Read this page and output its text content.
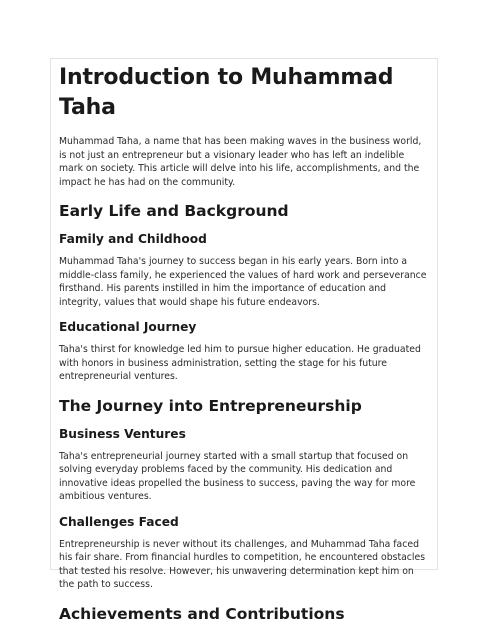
Introduction to Muhammad Taha

Muhammad Taha, a name that has been making waves in the business world, is not just an entrepreneur but a visionary leader who has left an indelible mark on society. This article will delve into his life, accomplishments, and the impact he has had on the community.

Early Life and Background
Family and Childhood

Muhammad Taha's journey to success began in his early years. Born into a middle-class family, he experienced the values of hard work and perseverance firsthand. His parents instilled in him the importance of education and integrity, values that would shape his future endeavors.

Educational Journey

Taha's thirst for knowledge led him to pursue higher education. He graduated with honors in business administration, setting the stage for his future entrepreneurial ventures.

The Journey into Entrepreneurship
Business Ventures

Taha's entrepreneurial journey started with a small startup that focused on solving everyday problems faced by the community. His dedication and innovative ideas propelled the business to success, paving the way for more ambitious ventures.

Challenges Faced

Entrepreneurship is never without its challenges, and Muhammad Taha faced his fair share. From financial hurdles to competition, he encountered obstacles that tested his resolve. However, his unwavering determination kept him on the path to success.

Achievements and Contributions
